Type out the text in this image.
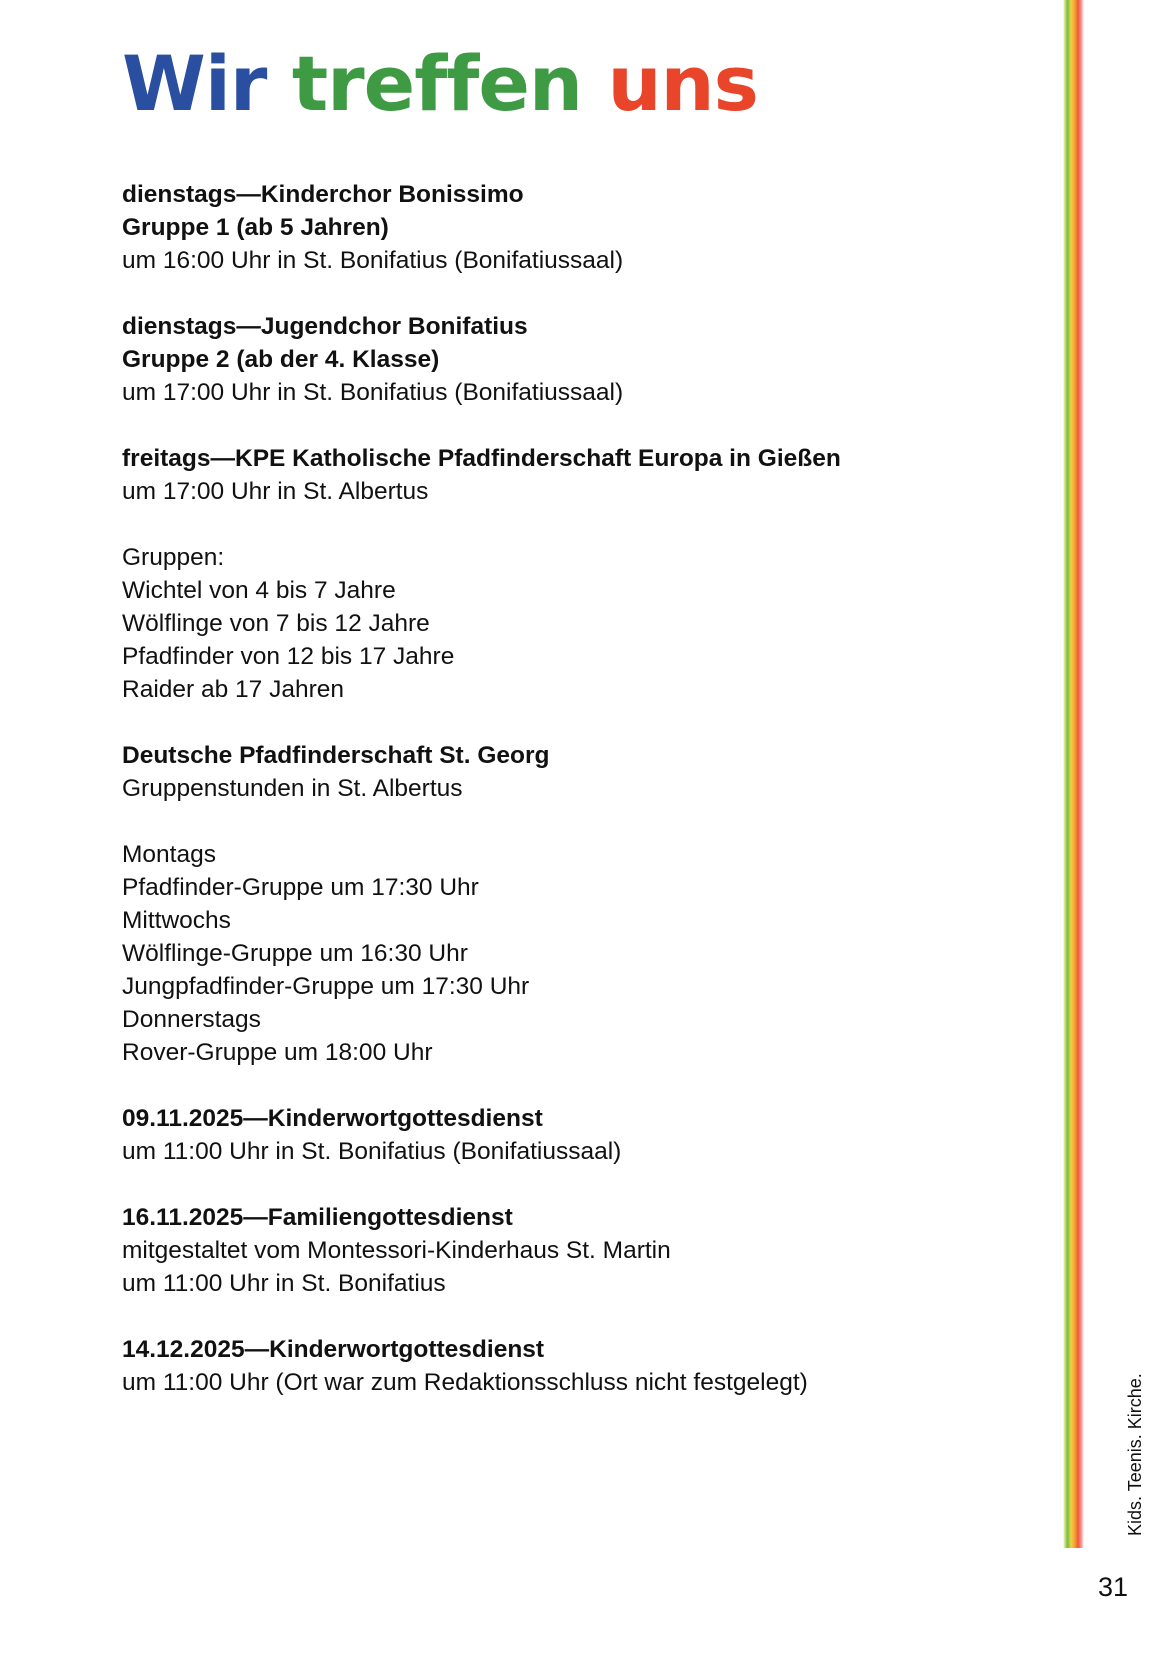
Wir treffen uns
dienstags—Kinderchor Bonissimo
Gruppe 1 (ab 5 Jahren)
um 16:00 Uhr in St. Bonifatius (Bonifatiussaal)
dienstags—Jugendchor Bonifatius
Gruppe 2 (ab der 4. Klasse)
um 17:00 Uhr in St. Bonifatius (Bonifatiussaal)
freitags—KPE Katholische Pfadfinderschaft Europa in Gießen
um 17:00 Uhr in St. Albertus
Gruppen:
Wichtel von 4 bis 7 Jahre
Wölflinge von 7 bis 12 Jahre
Pfadfinder von 12 bis 17 Jahre
Raider ab 17 Jahren
Deutsche Pfadfinderschaft St. Georg
Gruppenstunden in St. Albertus
Montags
Pfadfinder-Gruppe um 17:30 Uhr
Mittwochs
Wölflinge-Gruppe um 16:30 Uhr
Jungpfadfinder-Gruppe um 17:30 Uhr
Donnerstags
Rover-Gruppe um 18:00 Uhr
09.11.2025—Kinderwortgottesdienst
um 11:00 Uhr in St. Bonifatius (Bonifatiussaal)
16.11.2025—Familiengottesdienst
mitgestaltet vom Montessori-Kinderhaus St. Martin
um 11:00 Uhr in St. Bonifatius
14.12.2025—Kinderwortgottesdienst
um 11:00 Uhr (Ort war zum Redaktionsschluss nicht festgelegt)	Kids. Teenis. Kirche.
31
